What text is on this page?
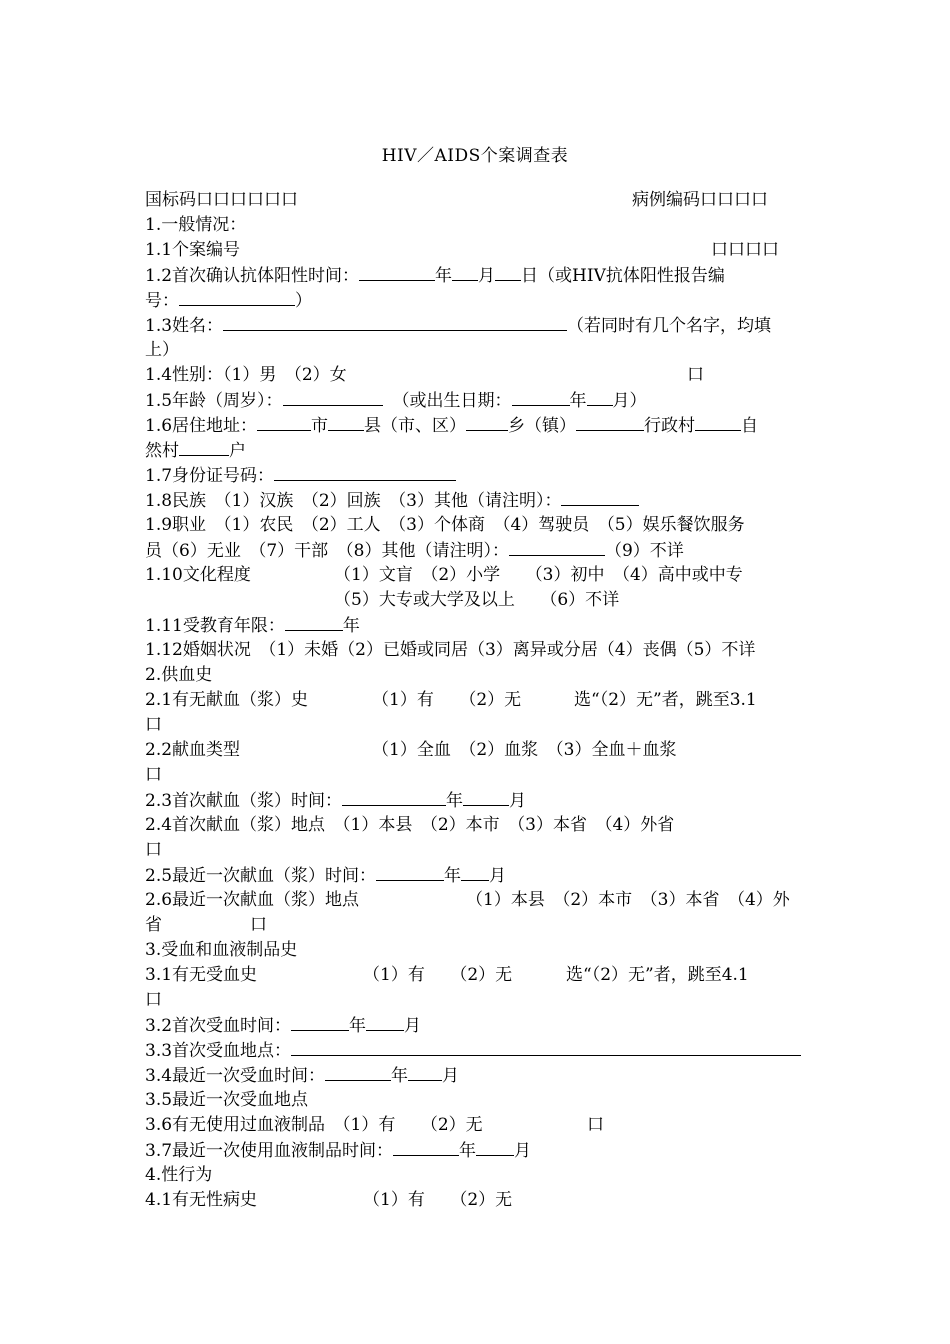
HIV／AIDS个案调查表
国标码口口口口口口	病例编码口口口口
1.一般情况：
1.1个案编号	口口口口
1.2首次确认抗体阳性时间：	年 月 日（或HIV抗体阳性报告编
号：	）
1.3姓名：	（若同时有几个名字，均填
上）
1.4性别：（1）男　（2）女	口
1.5年龄（周岁）：	（或出生日期：	年 月）
1.6居住地址：	市 县（市、区） 乡（镇）	行政村	自
然村	户
1.7身份证号码：
1.8民族　（1）汉族　（2）回族　（3）其他（请注明）：
1.9职业　（1）农民　（2）工人　（3）个体商　（4）驾驶员　（5）娱乐餐饮服务
员（6）无业　（7）干部　（8）其他（请注明）：	（9）不详
1.10文化程度	（1）文盲　（2）小学　　（3）初中　（4）高中或中专
（5）大专或大学及以上　　（6）不详
1.11受教育年限：	年
1.12婚姻状况　（1）未婚（2）已婚或同居（3）离异或分居（4）丧偶（5）不详
2.供血史
2.1有无献血（浆）史	（1）有　　（2）无	选“（2）无”者，跳至3.1
口
2.2献血类型	（1）全血　（2）血浆　（3）全血＋血浆
口
2.3首次献血（浆）时间：	年	月
2.4首次献血（浆）地点　（1）本县　（2）本市　（3）本省　（4）外省
口
2.5最近一次献血（浆）时间：	年 月
2.6最近一次献血（浆）地点	（1）本县　（2）本市　（3）本省　（4）外
省	口
3.受血和血液制品史
3.1有无受血史	（1）有　　（2）无	选“（2）无”者，跳至4.1
口
3.2首次受血时间：	年 月
3.3首次受血地点：
3.4最近一次受血时间：	年 月
3.5最近一次受血地点
3.6有无使用过血液制品　（1）有　　（2）无	口
3.7最近一次使用血液制品时间：	年 月
4.性行为
4.1有无性病史	（1）有　　（2）无
